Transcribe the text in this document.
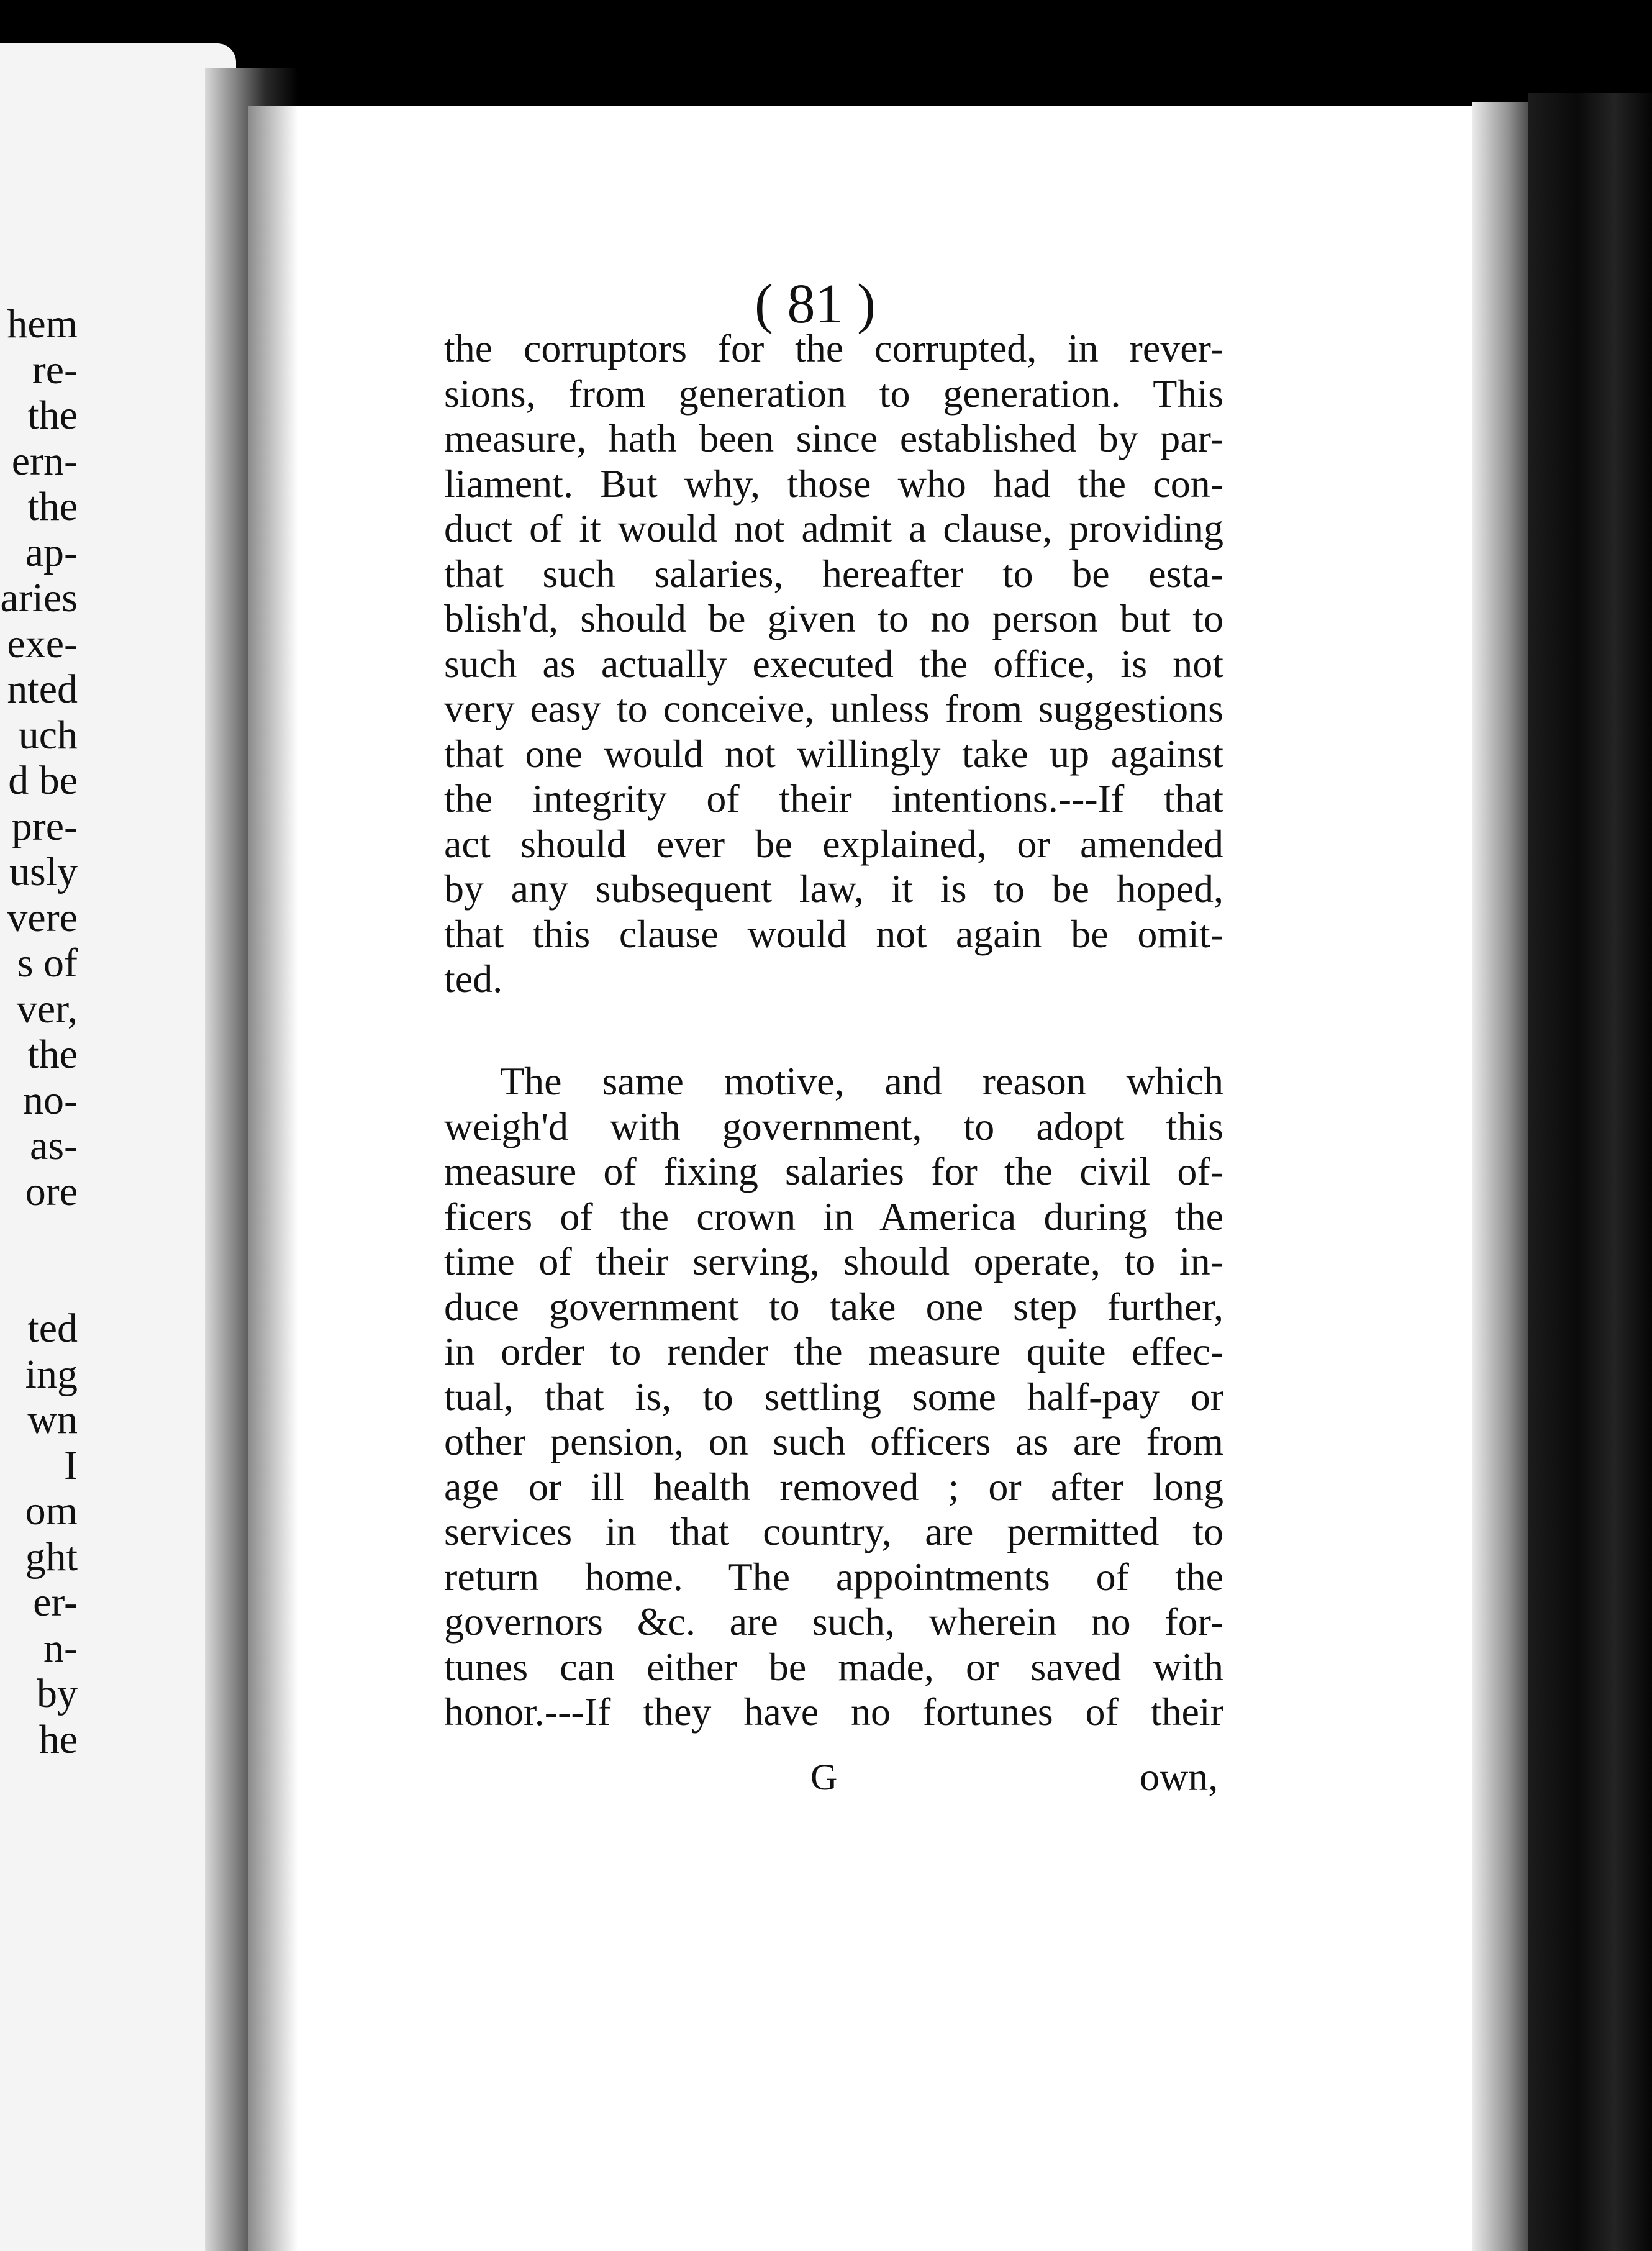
hem
re-
the
ern-
the
ap-
aries
exe-
nted
uch
d be
pre-
usly
vere
s of
ver,
the
no-
as-
ore
ted
ing
wn
I
om
ght
er-
n-
by
he
( 81 )
the corruptors for the corrupted, in rever-
sions, from generation to generation. This
measure, hath been since established by par-
liament. But why, those who had the con-
duct of it would not admit a clause, providing
that such salaries, hereafter to be esta-
blish'd, should be given to no person but to
such as actually executed the office, is not
very easy to conceive, unless from suggestions
that one would not willingly take up against
the integrity of their intentions.---If that
act should ever be explained, or amended
by any subsequent law, it is to be hoped,
that this clause would not again be omit-
ted.
The same motive, and reason which
weigh'd with government, to adopt this
measure of fixing salaries for the civil of-
ficers of the crown in America during the
time of their serving, should operate, to in-
duce government to take one step further,
in order to render the measure quite effec-
tual, that is, to settling some half-pay or
other pension, on such officers as are from
age or ill health removed ; or after long
services in that country, are permitted to
return home. The appointments of the
governors &c. are such, wherein no for-
tunes can either be made, or saved with
honor.---If they have no fortunes of their
G	own,
